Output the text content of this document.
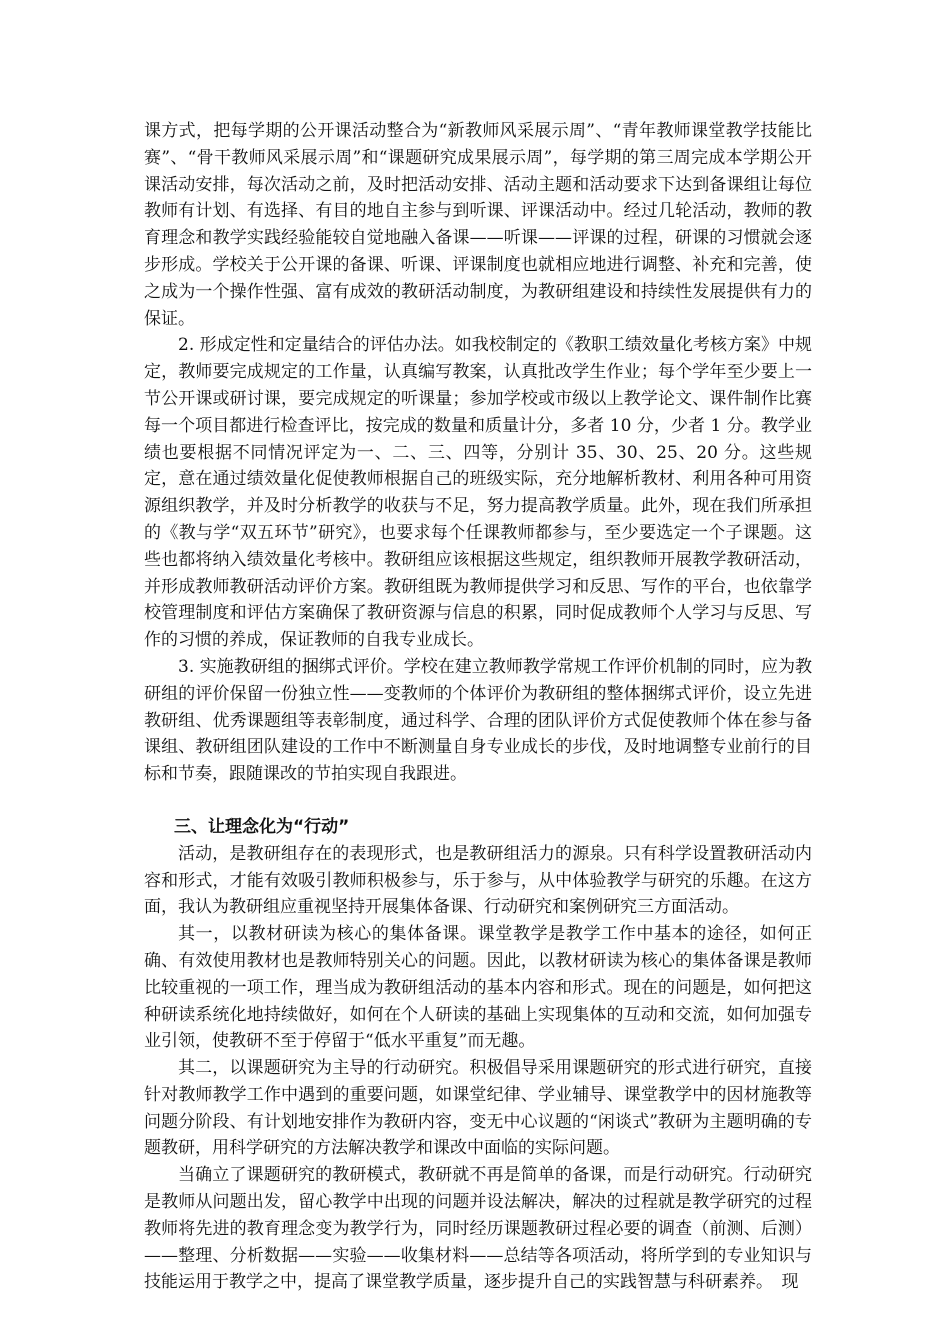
课方式，把每学期的公开课活动整合为“新教师风采展示周”、“青年教师课堂教学技能比赛”、“骨干教师风采展示周”和“课题研究成果展示周”，每学期的第三周完成本学期公开课活动安排，每次活动之前，及时把活动安排、活动主题和活动要求下达到备课组让每位教师有计划、有选择、有目的地自主参与到听课、评课活动中。经过几轮活动，教师的教育理念和教学实践经验能较自觉地融入备课——听课——评课的过程，研课的习惯就会逐步形成。学校关于公开课的备课、听课、评课制度也就相应地进行调整、补充和完善，使之成为一个操作性强、富有成效的教研活动制度，为教研组建设和持续性发展提供有力的保证。

2. 形成定性和定量结合的评估办法。如我校制定的《教职工绩效量化考核方案》中规定，教师要完成规定的工作量，认真编写教案，认真批改学生作业；每个学年至少要上一节公开课或研讨课，要完成规定的听课量；参加学校或市级以上教学论文、课件制作比赛每一个项目都进行检查评比，按完成的数量和质量计分，多者 10 分，少者 1 分。教学业绩也要根据不同情况评定为一、二、三、四等，分别计 35、30、25、20 分。这些规定，意在通过绩效量化促使教师根据自己的班级实际，充分地解析教材、利用各种可用资源组织教学，并及时分析教学的收获与不足，努力提高教学质量。此外，现在我们所承担的《教与学“双五环节”研究》，也要求每个任课教师都参与，至少要选定一个子课题。这些也都将纳入绩效量化考核中。教研组应该根据这些规定，组织教师开展教学教研活动，并形成教师教研活动评价方案。教研组既为教师提供学习和反思、写作的平台，也依靠学校管理制度和评估方案确保了教研资源与信息的积累，同时促成教师个人学习与反思、写作的习惯的养成，保证教师的自我专业成长。

3. 实施教研组的捆绑式评价。学校在建立教师教学常规工作评价机制的同时，应为教研组的评价保留一份独立性——变教师的个体评价为教研组的整体捆绑式评价，设立先进教研组、优秀课题组等表彰制度，通过科学、合理的团队评价方式促使教师个体在参与备课组、教研组团队建设的工作中不断测量自身专业成长的步伐，及时地调整专业前行的目标和节奏，跟随课改的节拍实现自我跟进。

三、让理念化为“行动”

活动，是教研组存在的表现形式，也是教研组活力的源泉。只有科学设置教研活动内容和形式，才能有效吸引教师积极参与，乐于参与，从中体验教学与研究的乐趣。在这方面，我认为教研组应重视坚持开展集体备课、行动研究和案例研究三方面活动。

其一，以教材研读为核心的集体备课。课堂教学是教学工作中基本的途径，如何正确、有效使用教材也是教师特别关心的问题。因此，以教材研读为核心的集体备课是教师比较重视的一项工作，理当成为教研组活动的基本内容和形式。现在的问题是，如何把这种研读系统化地持续做好，如何在个人研读的基础上实现集体的互动和交流，如何加强专业引领，使教研不至于停留于“低水平重复”而无趣。

其二，以课题研究为主导的行动研究。积极倡导采用课题研究的形式进行研究，直接针对教师教学工作中遇到的重要问题，如课堂纪律、学业辅导、课堂教学中的因材施教等问题分阶段、有计划地安排作为教研内容，变无中心议题的“闲谈式”教研为主题明确的专题教研，用科学研究的方法解决教学和课改中面临的实际问题。

当确立了课题研究的教研模式，教研就不再是简单的备课，而是行动研究。行动研究是教师从问题出发，留心教学中出现的问题并设法解决，解决的过程就是教学研究的过程教师将先进的教育理念变为教学行为，同时经历课题教研过程必要的调查（前测、后测）——整理、分析数据——实验——收集材料——总结等各项活动，将所学到的专业知识与技能运用于教学之中，提高了课堂教学质量，逐步提升自己的实践智慧与科研素养。　现
